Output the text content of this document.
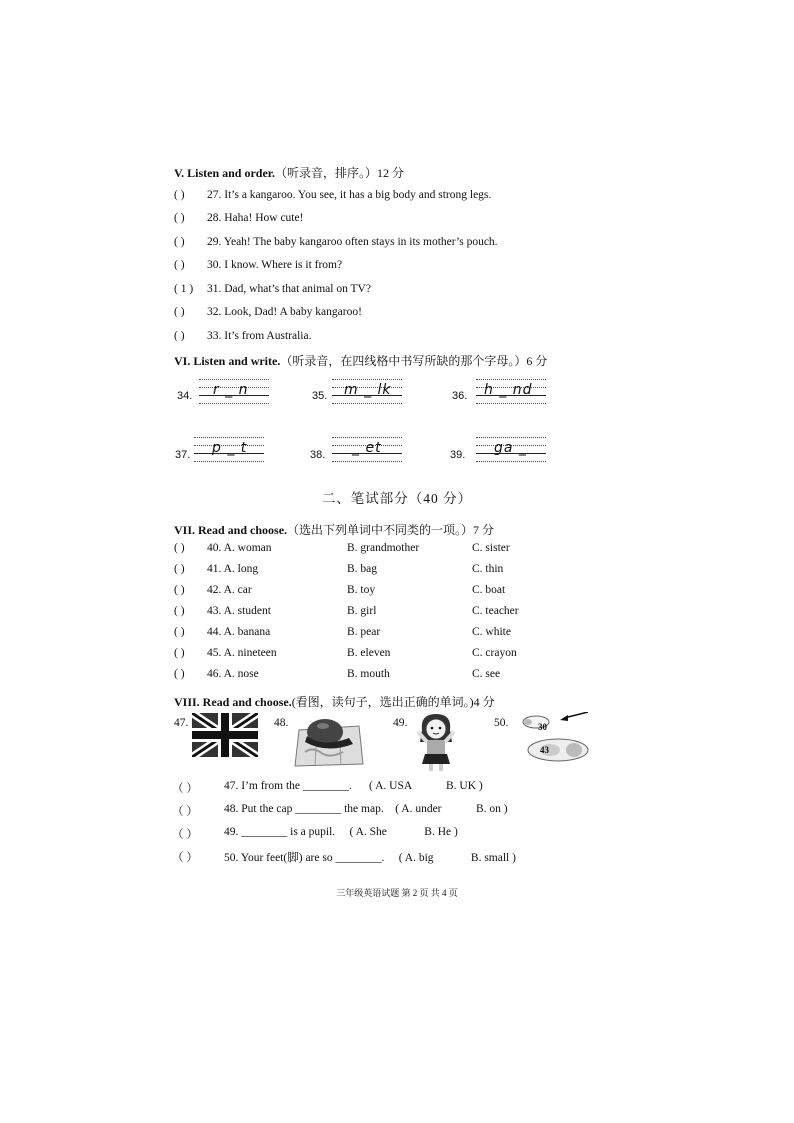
V. Listen and order.（听录音，排序。）12 分
( ) 27. It’s a kangaroo. You see, it has a big body and strong legs.
( ) 28. Haha! How cute!
( ) 29. Yeah! The baby kangaroo often stays in its mother’s pouch.
( ) 30. I know. Where is it from?
( 1 ) 31. Dad, what’s that animal on TV?
( ) 32. Look, Dad! A baby kangaroo!
( ) 33. It’s from Australia.
VI. Listen and write.（听录音，在四线格中书写所缺的那个字母。）6 分
34. r _ n	35. m _ lk	36. h _ nd
37. p _ t	38. _ et	39. ga _
二、笔试部分（40 分）
VII. Read and choose.（选出下列单词中不同类的一项。）7 分
( ) 40. A. woman	B. grandmother	C. sister
( ) 41. A. long	B. bag	C. thin
( ) 42. A. car	B. toy	C. boat
( ) 43. A. student	B. girl	C. teacher
( ) 44. A. banana	B. pear	C. white
( ) 45. A. nineteen	B. eleven	C. crayon
( ) 46. A. nose	B. mouth	C. see
VIII. Read and choose.(看图，读句子，选出正确的单词。)4 分
47.	48.	49.	50.	30
43
（ ） 47. I’m from the ________.      ( A. USA            B. UK )
（ ） 48. Put the cap ________ the map.    ( A. under            B. on )
（ ） 49. ________ is a pupil.     ( A. She             B. He )
（ ） 50. Your feet(脚) are so ________.     ( A. big             B. small )
三年级英语试题 第 2 页 共 4 页
